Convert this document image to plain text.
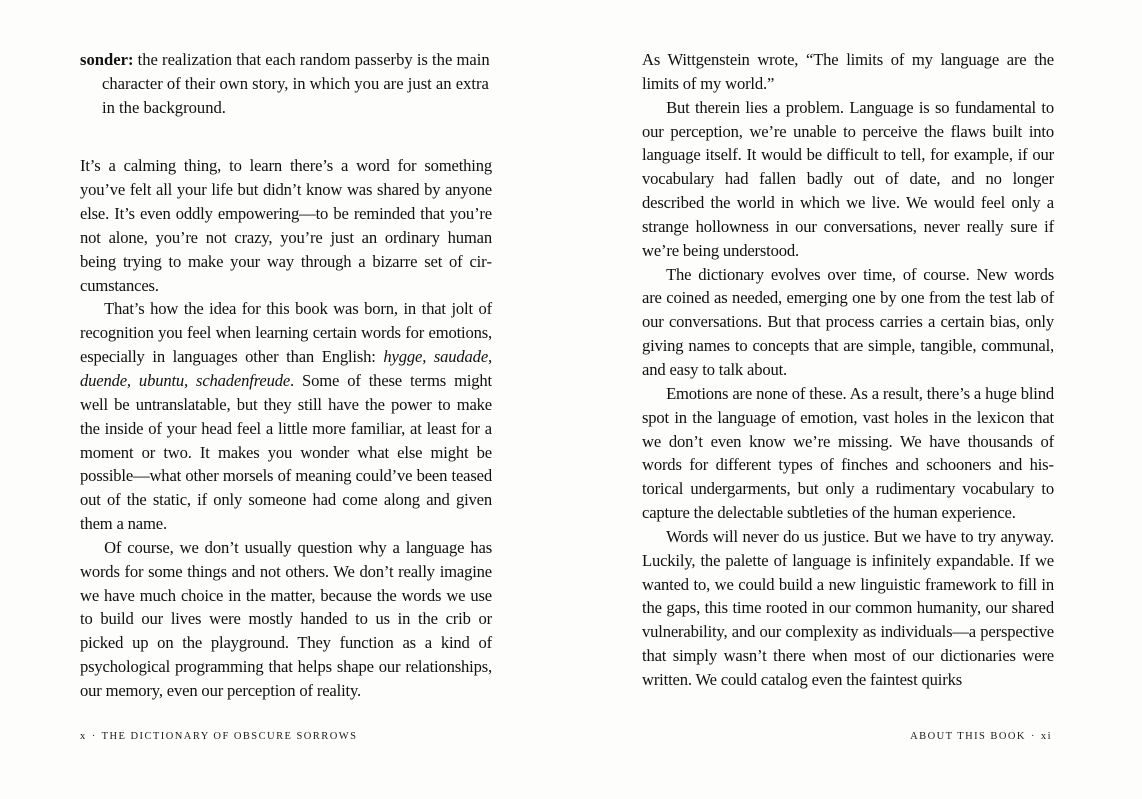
sonder: the realization that each random passerby is the main character of their own story, in which you are just an extra in the background.

It’s a calming thing, to learn there’s a word for something you’ve felt all your life but didn’t know was shared by anyone else. It’s even oddly empowering—to be reminded that you’re not alone, you’re not crazy, you’re just an ordinary human being trying to make your way through a bizarre set of circumstances.

That’s how the idea for this book was born, in that jolt of recognition you feel when learning certain words for emotions, especially in languages other than English: hygge, saudade, duende, ubuntu, schadenfreude. Some of these terms might well be untranslatable, but they still have the power to make the inside of your head feel a little more familiar, at least for a moment or two. It makes you wonder what else might be possible—what other morsels of meaning could’ve been teased out of the static, if only someone had come along and given them a name.

Of course, we don’t usually question why a language has words for some things and not others. We don’t really imagine we have much choice in the matter, because the words we use to build our lives were mostly handed to us in the crib or picked up on the playground. They function as a kind of psychological programming that helps shape our relationships, our memory, even our perception of reality.

As Wittgenstein wrote, “The limits of my language are the limits of my world.”

But therein lies a problem. Language is so fundamental to our perception, we’re unable to perceive the flaws built into language itself. It would be difficult to tell, for example, if our vocabulary had fallen badly out of date, and no longer described the world in which we live. We would feel only a strange hollowness in our conversations, never really sure if we’re being understood.

The dictionary evolves over time, of course. New words are coined as needed, emerging one by one from the test lab of our conversations. But that process carries a certain bias, only giving names to concepts that are simple, tangible, communal, and easy to talk about.

Emotions are none of these. As a result, there’s a huge blind spot in the language of emotion, vast holes in the lexicon that we don’t even know we’re missing. We have thousands of words for different types of finches and schooners and historical undergarments, but only a rudimentary vocabulary to capture the delectable subtleties of the human experience.

Words will never do us justice. But we have to try anyway. Luckily, the palette of language is infinitely expandable. If we wanted to, we could build a new linguistic framework to fill in the gaps, this time rooted in our common humanity, our shared vulnerability, and our complexity as individuals—a perspective that simply wasn’t there when most of our dictionaries were written. We could catalog even the faintest quirks

x · THE DICTIONARY OF OBSCURE SORROWS	ABOUT THIS BOOK · xi
